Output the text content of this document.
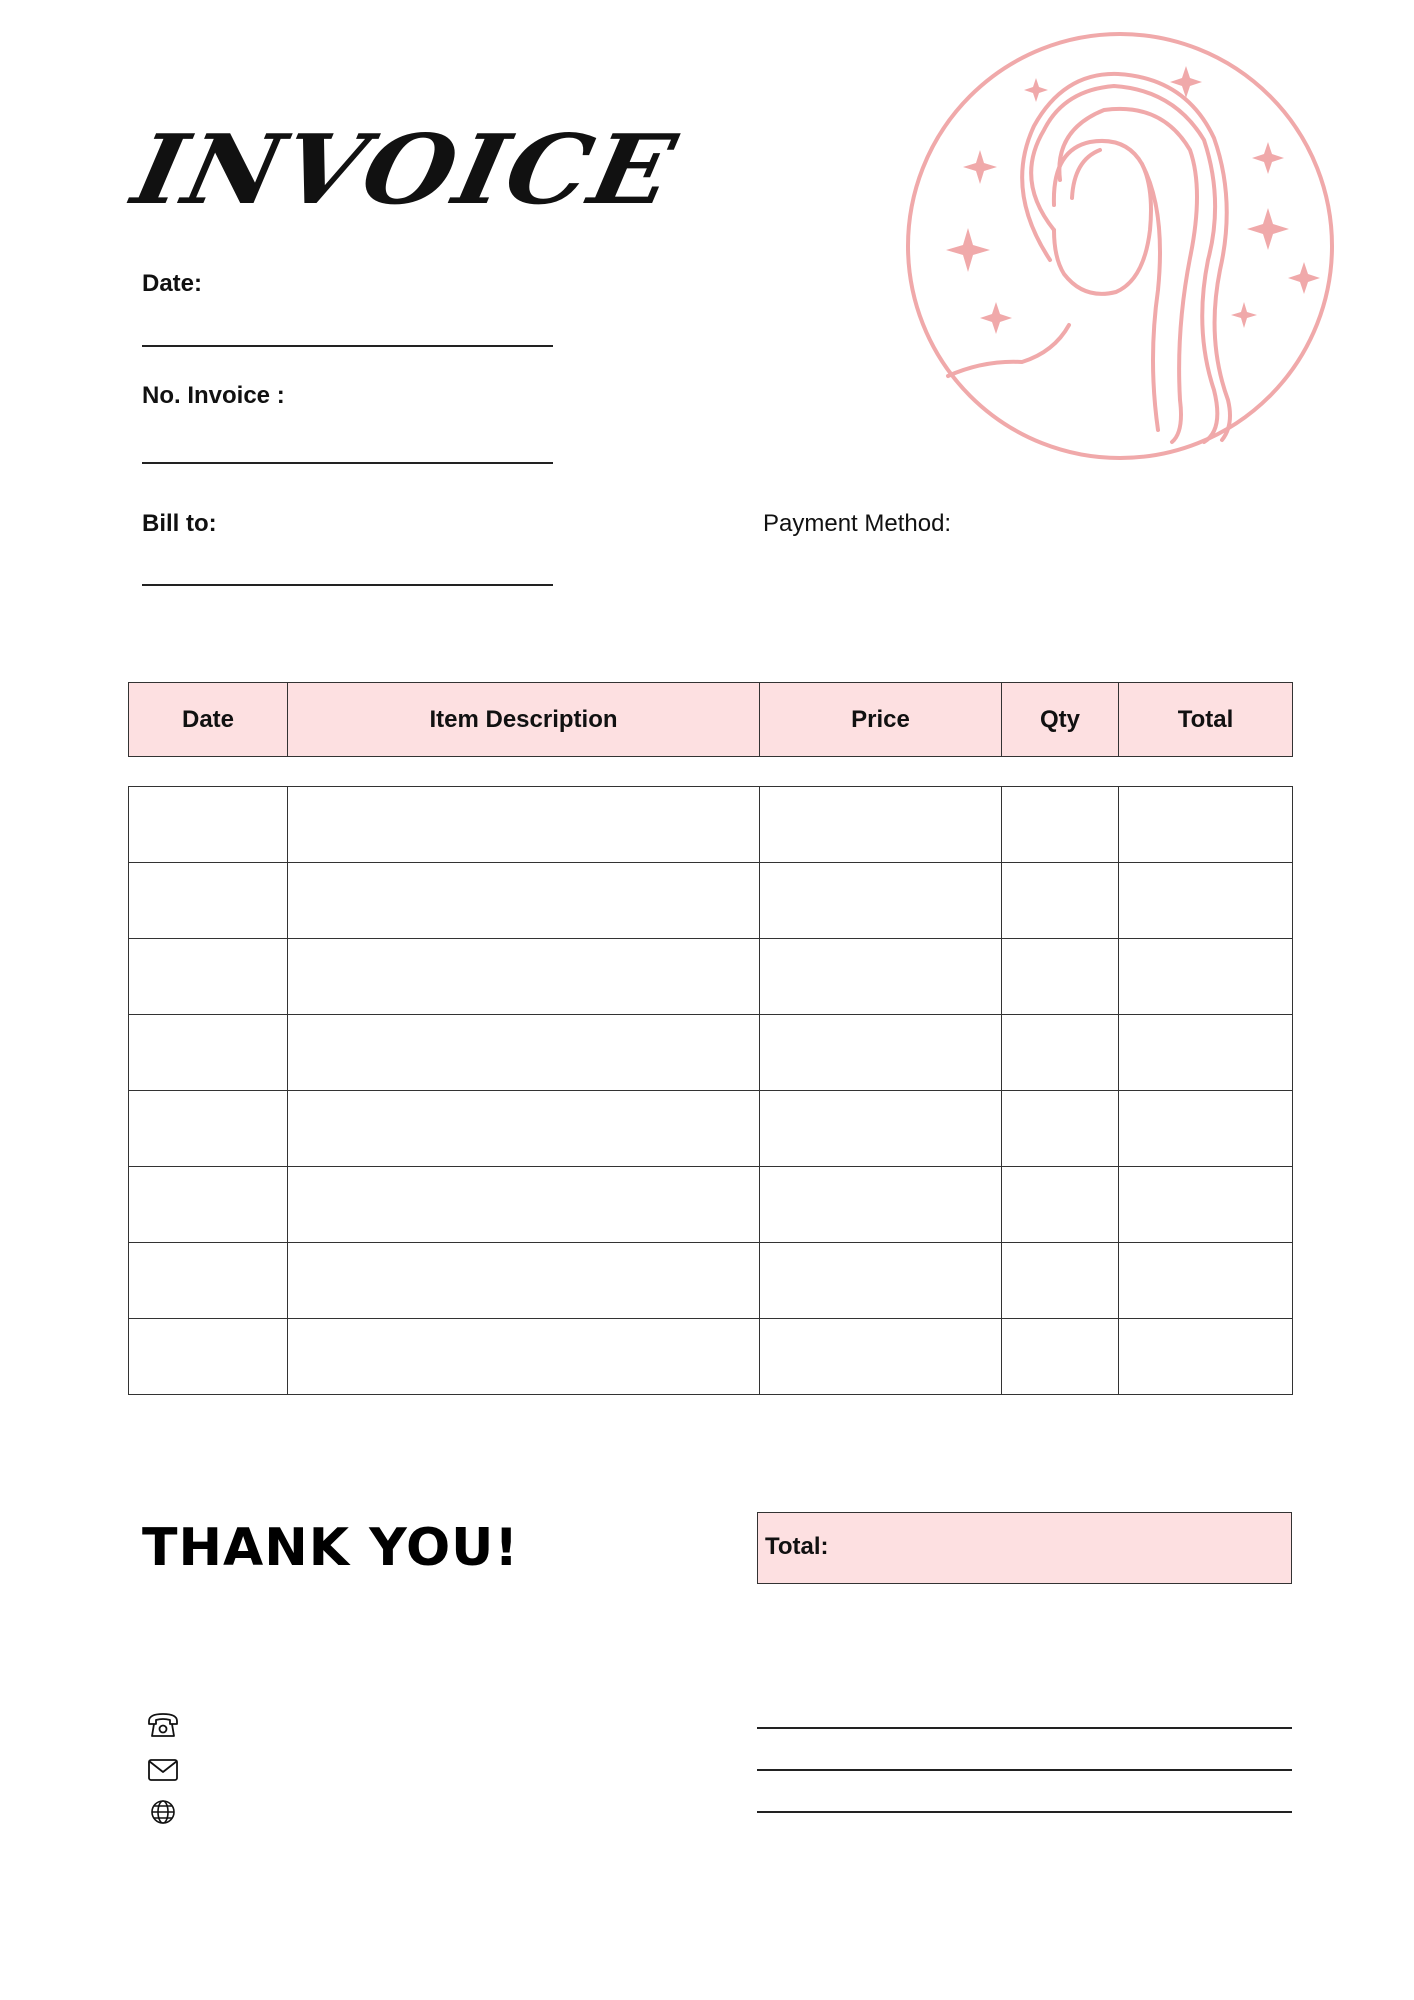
INVOICE
Date:
No. Invoice :
Bill to:	Payment Method:
Date	Item Description	Price	Qty	Total

THANK YOU!	Total:
